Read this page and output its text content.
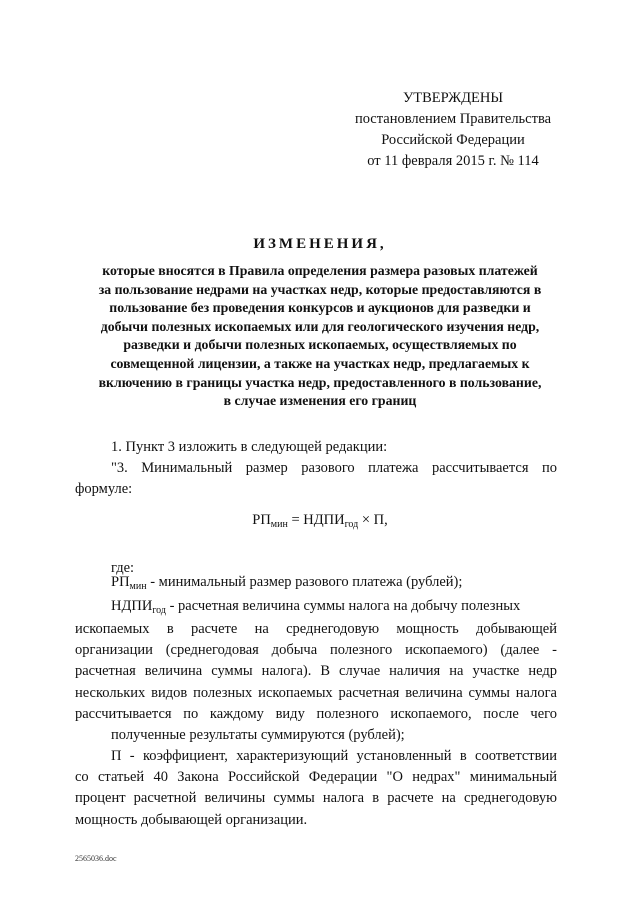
УТВЕРЖДЕНЫ
постановлением Правительства
Российской Федерации
от 11 февраля 2015 г. № 114
ИЗМЕНЕНИЯ,
которые вносятся в Правила определения размера разовых платежей
за пользование недрами на участках недр, которые предоставляются в
пользование без проведения конкурсов и аукционов для разведки и
добычи полезных ископаемых или для геологического изучения недр,
разведки и добычи полезных ископаемых, осуществляемых по
совмещенной лицензии, а также на участках недр, предлагаемых к
включению в границы участка недр, предоставленного в пользование,
в случае изменения его границ
1. Пункт 3 изложить в следующей редакции:
"3. Минимальный размер разового платежа рассчитывается по
формуле:
$РП_{мин}$ = $НДПИ_{год} \times П$,
где:
$РП_{мин}$ - минимальный размер разового платежа (рублей);
$НДПИ_{год}$ - расчетная величина суммы налога на добычу полезных
ископаемых в расчете на среднегодовую мощность добывающей
организации (среднегодовая добыча полезного ископаемого) (далее -
расчетная величина суммы налога). В случае наличия на участке недр
нескольких видов полезных ископаемых расчетная величина суммы налога
рассчитывается по каждому виду полезного ископаемого, после чего
полученные результаты суммируются (рублей);
П - коэффициент, характеризующий установленный в соответствии
со статьей 40 Закона Российской Федерации "О недрах" минимальный
процент расчетной величины суммы налога в расчете на среднегодовую
мощность добывающей организации.
2565036.doc
